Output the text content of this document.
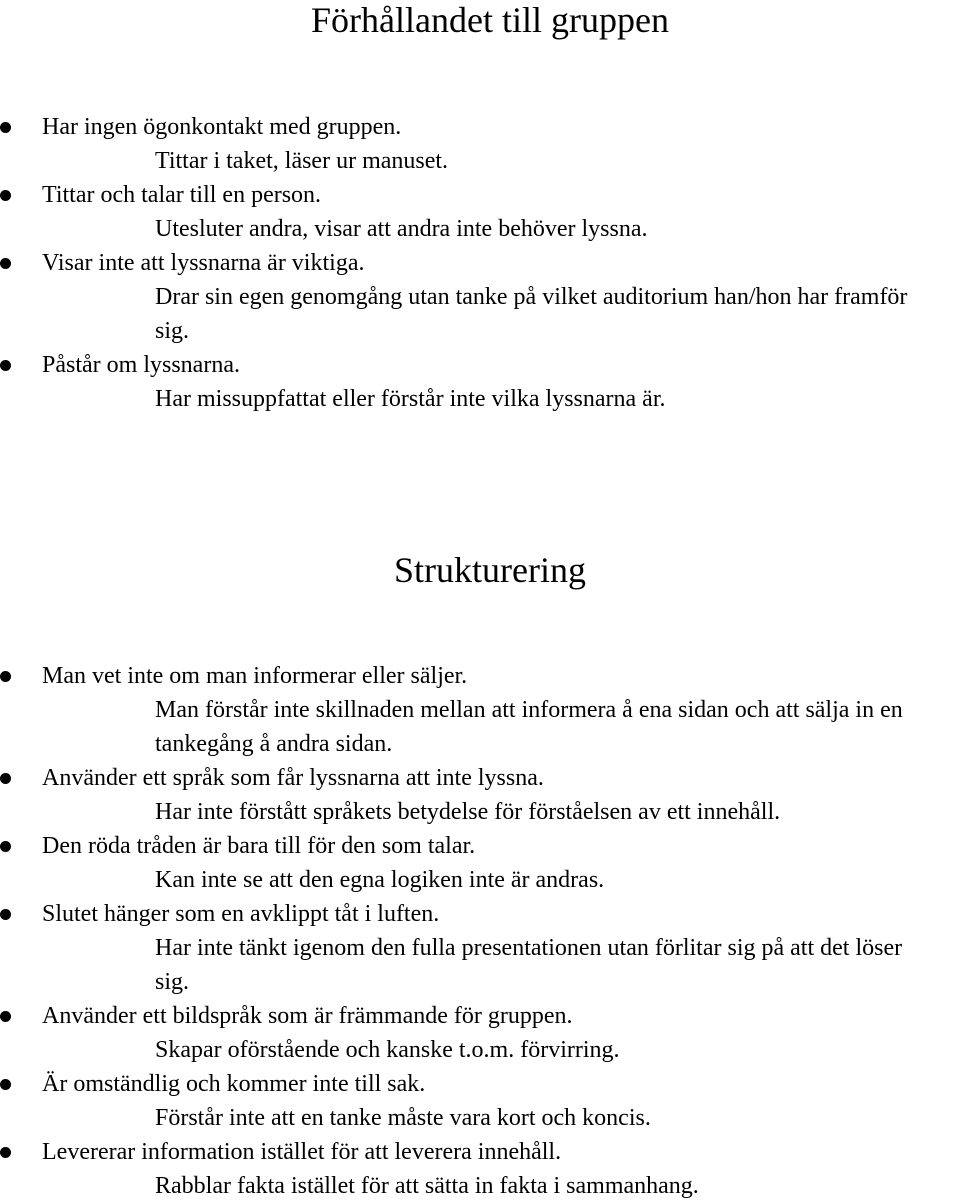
Förhållandet till gruppen
Har ingen ögonkontakt med gruppen.
Tittar i taket, läser ur manuset.
Tittar och talar till en person.
Utesluter andra, visar att andra inte behöver lyssna.
Visar inte att lyssnarna är viktiga.
Drar sin egen genomgång utan tanke på vilket auditorium han/hon har framför sig.
Påstår om lyssnarna.
Har missuppfattat eller förstår inte vilka lyssnarna är.
Strukturering
Man vet inte om man informerar eller säljer.
Man förstår inte skillnaden mellan att informera å ena sidan och att sälja in en tankegång å andra sidan.
Använder ett språk som får lyssnarna att inte lyssna.
Har inte förstått språkets betydelse för förståelsen av ett innehåll.
Den röda tråden är bara till för den som talar.
Kan inte se att den egna logiken inte är andras.
Slutet hänger som en avklippt tåt i luften.
Har inte tänkt igenom den fulla presentationen utan förlitar sig på att det löser sig.
Använder ett bildspråk som är främmande för gruppen.
Skapar oförstående och kanske t.o.m. förvirring.
Är omständlig och kommer inte till sak.
Förstår inte att en tanke måste vara kort och koncis.
Levererar information istället för att leverera innehåll.
Rabblar fakta istället för att sätta in fakta i sammanhang.
